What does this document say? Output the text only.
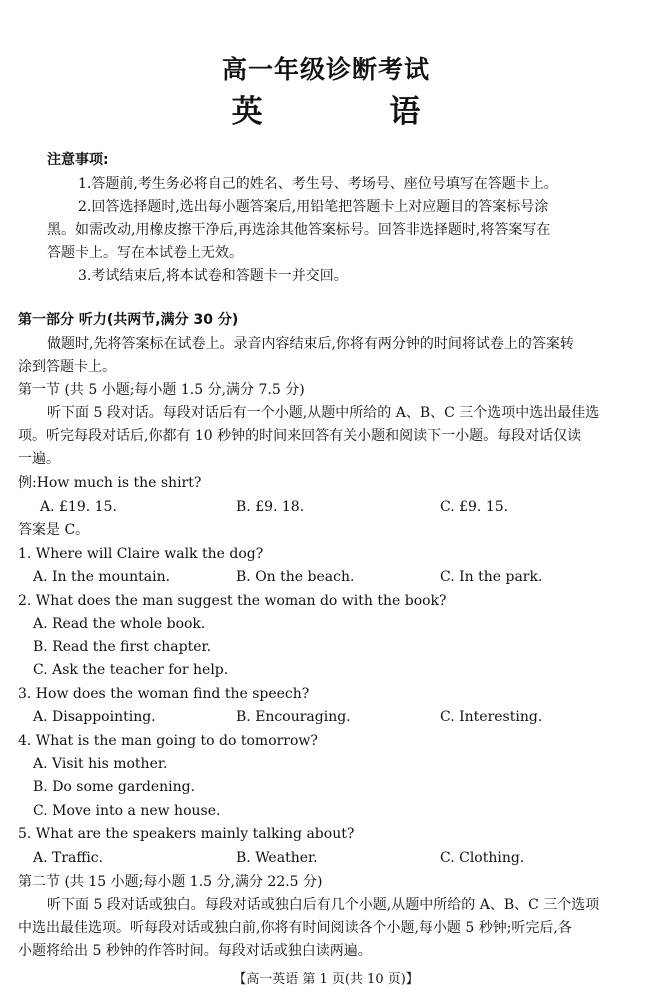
高一年级诊断考试
英 语
注意事项:
1.答题前,考生务必将自己的姓名、考生号、考场号、座位号填写在答题卡上。
2.回答选择题时,选出每小题答案后,用铅笔把答题卡上对应题目的答案标号涂
黑。如需改动,用橡皮擦干净后,再选涂其他答案标号。回答非选择题时,将答案写在
答题卡上。写在本试卷上无效。
3.考试结束后,将本试卷和答题卡一并交回。
第一部分 听力(共两节,满分 30 分)
做题时,先将答案标在试卷上。录音内容结束后,你将有两分钟的时间将试卷上的答案转
涂到答题卡上。
第一节 (共 5 小题;每小题 1.5 分,满分 7.5 分)
听下面 5 段对话。每段对话后有一个小题,从题中所给的 A、B、C 三个选项中选出最佳选
项。听完每段对话后,你都有 10 秒钟的时间来回答有关小题和阅读下一小题。每段对话仅读
一遍。
例:How much is the shirt?
A. £19. 15.	B. £9. 18.	C. £9. 15.
答案是 C。
1. Where will Claire walk the dog?
A. In the mountain.	B. On the beach.	C. In the park.
2. What does the man suggest the woman do with the book?
A. Read the whole book.
B. Read the first chapter.
C. Ask the teacher for help.
3. How does the woman find the speech?
A. Disappointing.	B. Encouraging.	C. Interesting.
4. What is the man going to do tomorrow?
A. Visit his mother.
B. Do some gardening.
C. Move into a new house.
5. What are the speakers mainly talking about?
A. Traffic.	B. Weather.	C. Clothing.
第二节 (共 15 小题;每小题 1.5 分,满分 22.5 分)
听下面 5 段对话或独白。每段对话或独白后有几个小题,从题中所给的 A、B、C 三个选项
中选出最佳选项。听每段对话或独白前,你将有时间阅读各个小题,每小题 5 秒钟;听完后,各
小题将给出 5 秒钟的作答时间。每段对话或独白读两遍。
【高一英语 第 1 页(共 10 页)】
